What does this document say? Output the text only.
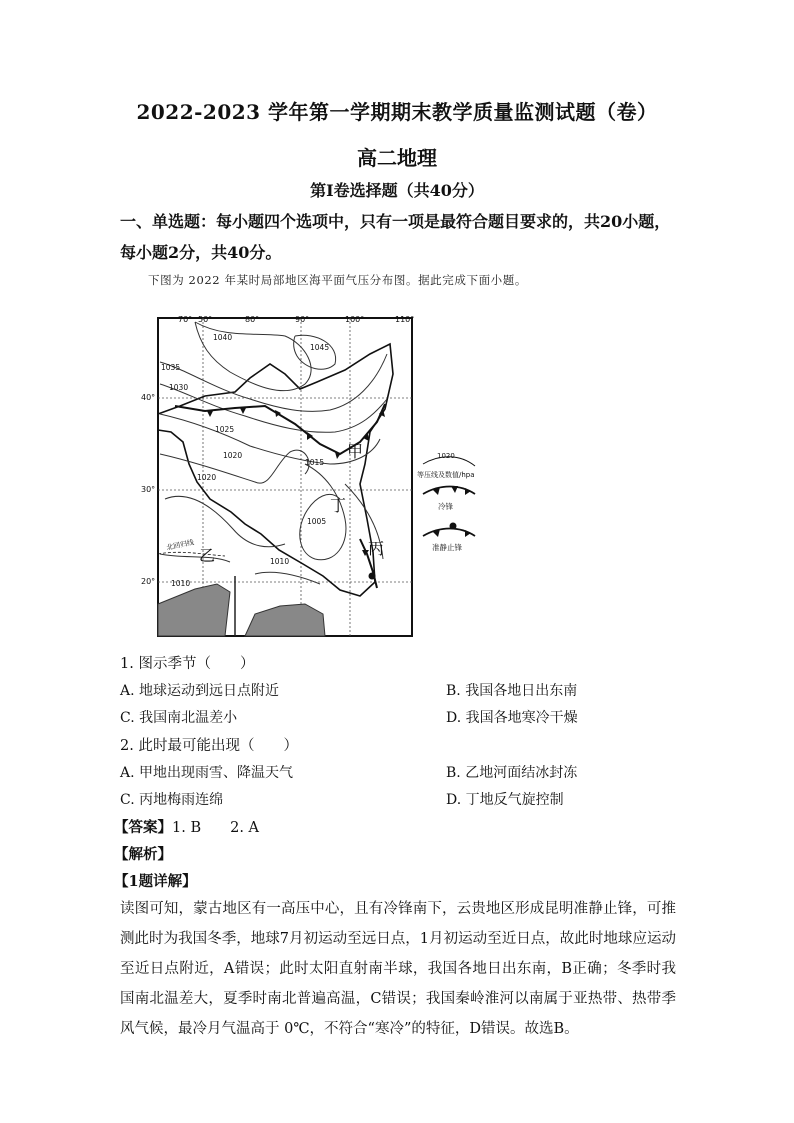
2022-2023 学年第一学期期末教学质量监测试题（卷）
高二地理
第Ⅰ卷选择题（共40分）
一、单选题：每小题四个选项中，只有一项是最符合题目要求的，共20小题，每小题2分，共40分。
下图为 2022 年某时局部地区海平面气压分布图。据此完成下面小题。
70° 50°	80°	90°	100°	110°
40°
30°
20°
1040
1045
1035
1030
1025
1020
1015
1020
1005
1010
1010
甲
乙	丙
丁
北回归线
1020
等压线及数值/hpa
冷锋
准静止锋
1. 图示季节（　　）
A. 地球运动到远日点附近	B. 我国各地日出东南
C. 我国南北温差小	D. 我国各地寒冷干燥
2. 此时最可能出现（　　）
A. 甲地出现雨雪、降温天气	B. 乙地河面结冰封冻
C. 丙地梅雨连绵	D. 丁地反气旋控制
【答案】1. B　　2. A
【解析】
【1题详解】
读图可知，蒙古地区有一高压中心，且有冷锋南下，云贵地区形成昆明准静止锋，可推测此时为我国冬季，地球7月初运动至远日点，1月初运动至近日点，故此时地球应运动至近日点附近，A错误；此时太阳直射南半球，我国各地日出东南，B正确；冬季时我国南北温差大，夏季时南北普遍高温，C错误；我国秦岭淮河以南属于亚热带、热带季风气候，最冷月气温高于 0℃，不符合“寒冷”的特征，D错误。故选B。
